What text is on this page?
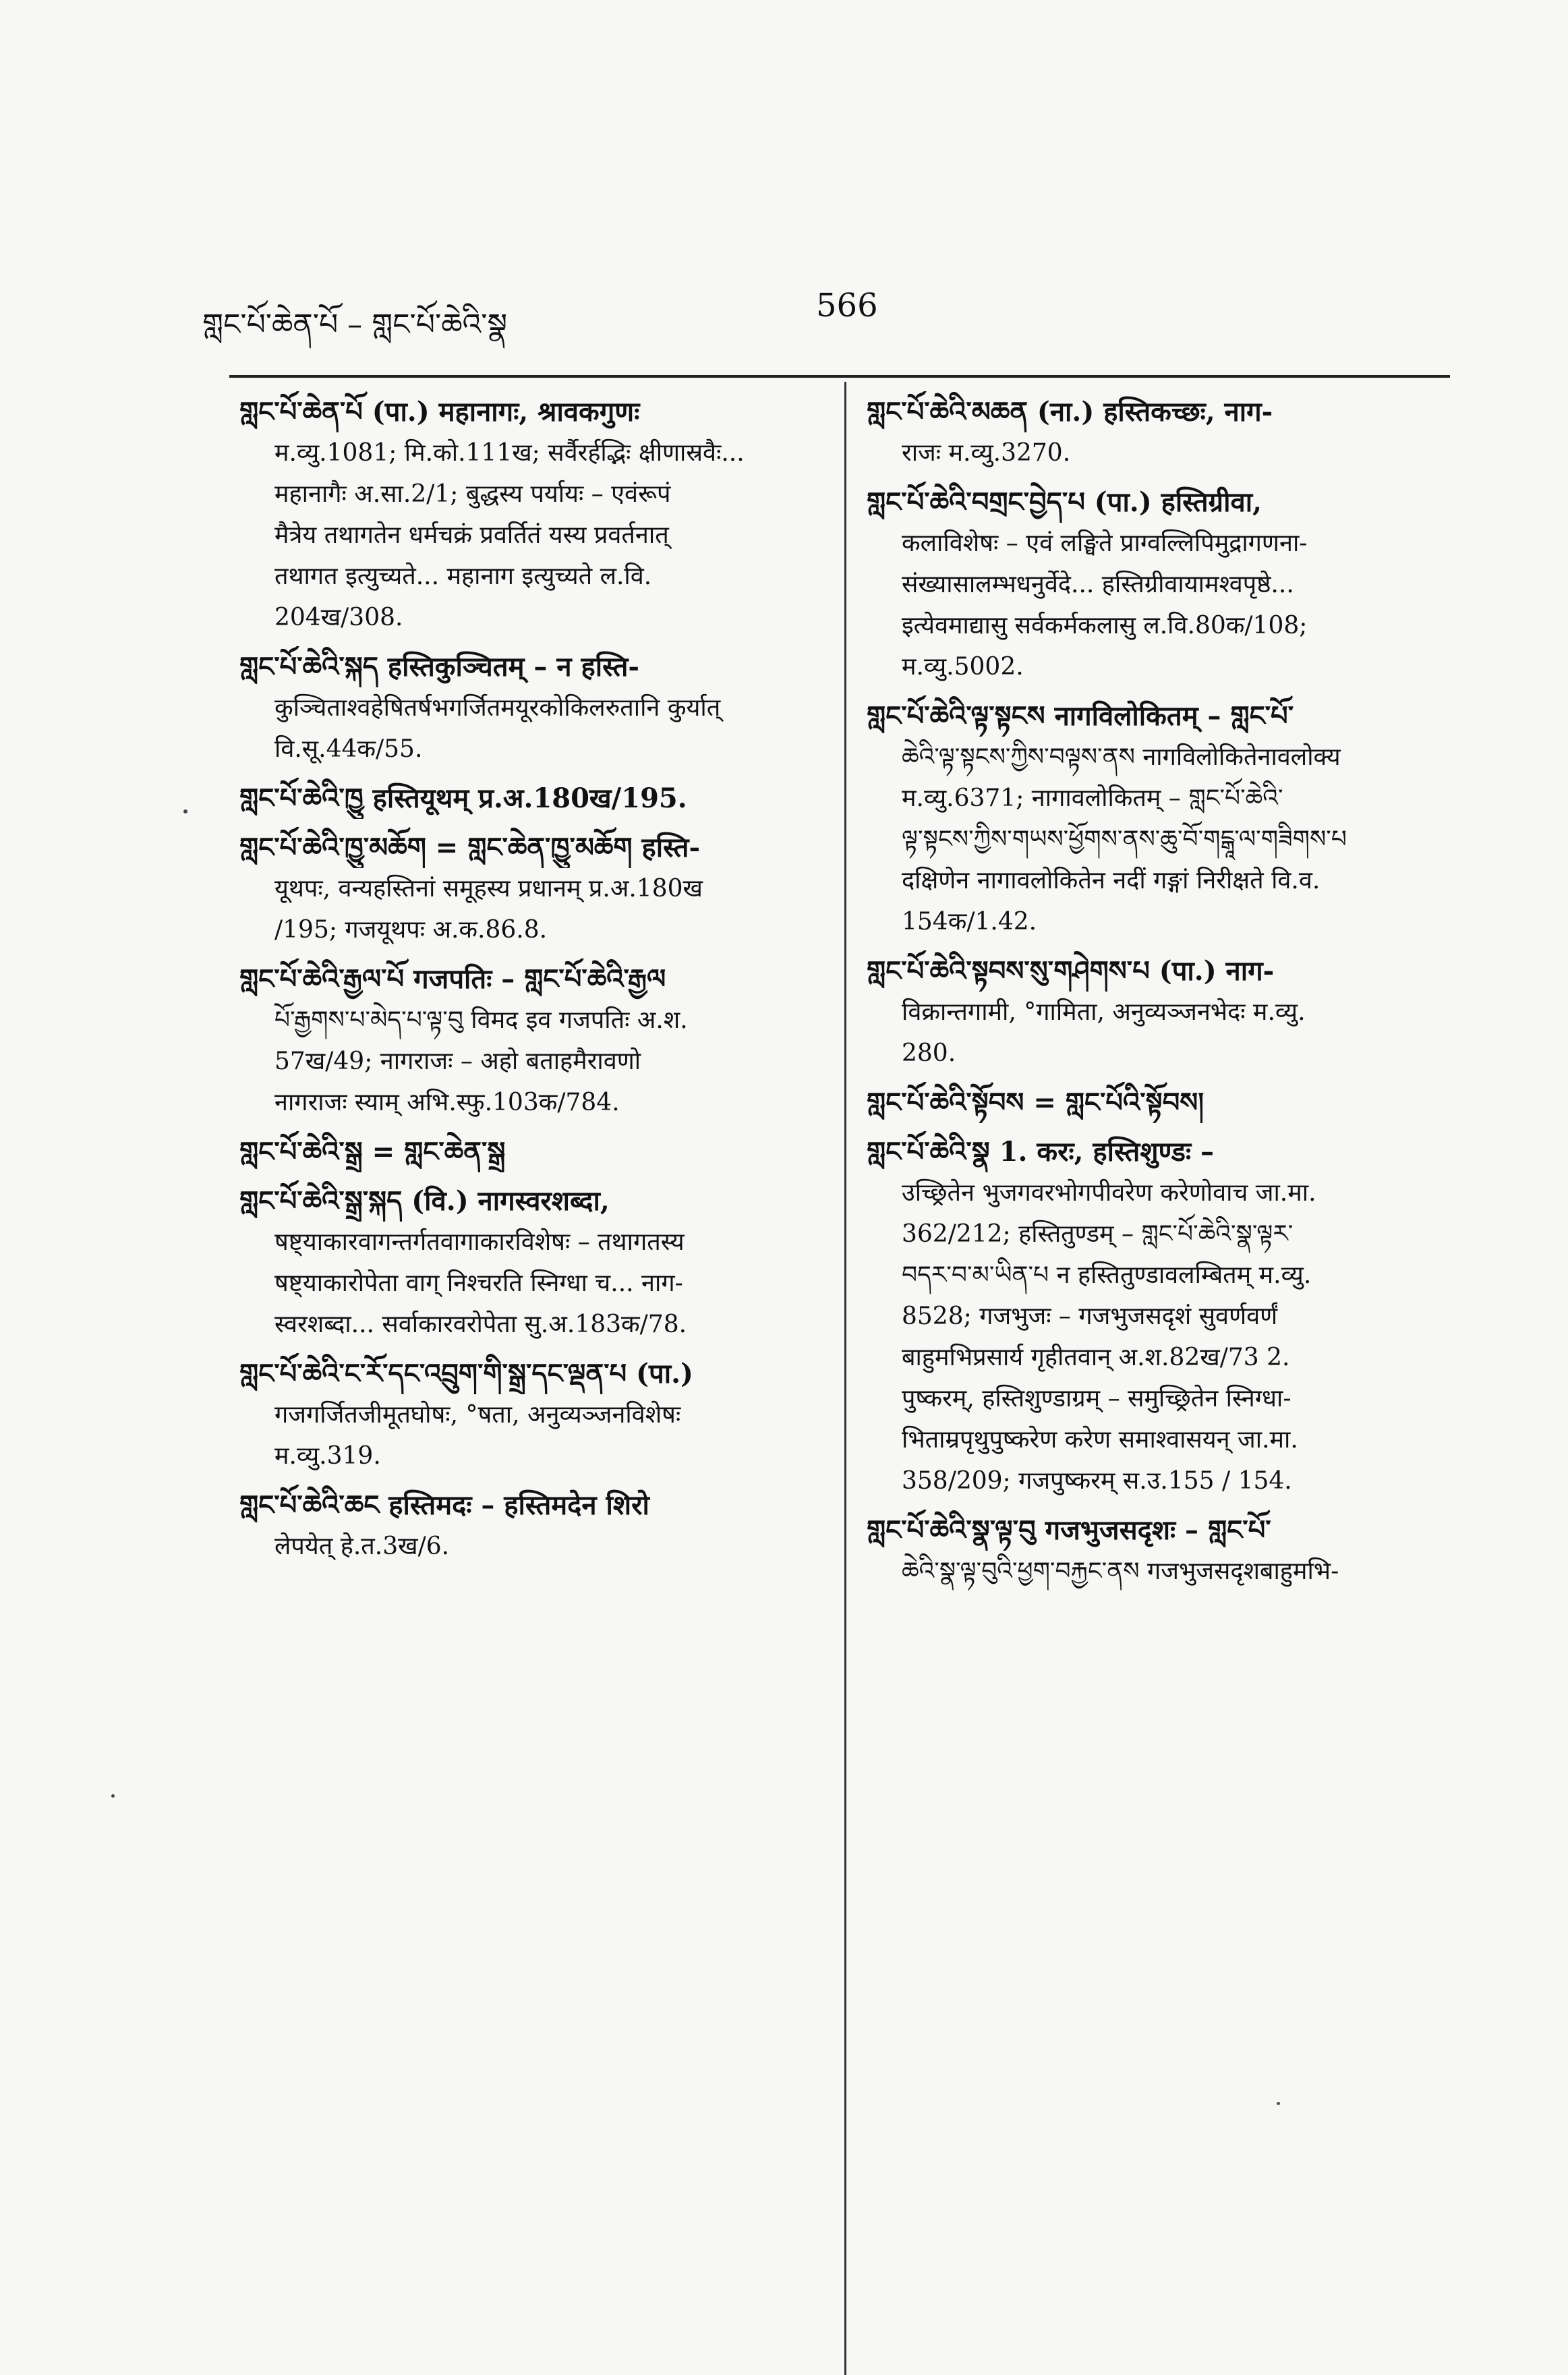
གླང་པོ་ཆེན་པོ – གླང་པོ་ཆེའི་སྣ
566
གླང་པོ་ཆེན་པོ (पा.) महानागः, श्रावकगुणः
म.व्यु.1081; मि.को.111ख; सर्वैरर्हद्भिः क्षीणास्रवैः...
महानागैः अ.सा.2/1; बुद्धस्य पर्यायः – एवंरूपं
मैत्रेय तथागतेन धर्मचक्रं प्रवर्तितं यस्य प्रवर्तनात्
तथागत इत्युच्यते... महानाग इत्युच्यते ल.वि.
204ख/308.
གླང་པོ་ཆེའི་སྐད हस्तिकुञ्चितम् – न हस्ति-
कुञ्चिताश्वहेषितर्षभगर्जितमयूरकोकिलरुतानि कुर्यात्
वि.सू.44क/55.
གླང་པོ་ཆེའི་ཁྱུ हस्तियूथम् प्र.अ.180ख/195.
གླང་པོ་ཆེའི་ཁྱུ་མཆོག = གླང་ཆེན་ཁྱུ་མཆོག हस्ति-
यूथपः, वन्यहस्तिनां समूहस्य प्रधानम् प्र.अ.180ख
/195; गजयूथपः अ.क.86.8.
གླང་པོ་ཆེའི་རྒྱལ་པོ गजपतिः – གླང་པོ་ཆེའི་རྒྱལ
པོ་རྒྱགས་པ་མེད་པ་ལྟ་བུ विमद इव गजपतिः अ.श.
57ख/49; नागराजः – अहो बताहमैरावणो
नागराजः स्याम् अभि.स्फु.103क/784.
གླང་པོ་ཆེའི་སྒྲ = གླང་ཆེན་སྒྲ
གླང་པོ་ཆེའི་སྒྲ་སྐད (वि.) नागस्वरशब्दा,
षष्ट्याकारवागन्तर्गतवागाकारविशेषः – तथागतस्य
षष्ट्याकारोपेता वाग् निश्चरति स्निग्धा च... नाग-
स्वरशब्दा... सर्वाकारवरोपेता सु.अ.183क/78.
གླང་པོ་ཆེའི་ང་རོ་དང་འབྲུག་གི་སྒྲ་དང་ལྡན་པ (पा.)
गजगर्जितजीमूतघोषः, °षता, अनुव्यञ्जनविशेषः
म.व्यु.319.
གླང་པོ་ཆེའི་ཆང हस्तिमदः – हस्तिमदेन शिरो
लेपयेत् हे.त.3ख/6.
གླང་པོ་ཆེའི་མཆན (ना.) हस्तिकच्छः, नाग-
राजः म.व्यु.3270.
གླང་པོ་ཆེའི་བགྲང་བྱེད་པ (पा.) हस्तिग्रीवा,
कलाविशेषः – एवं लङ्घिते प्राग्वल्लिपिमुद्रागणना-
संख्यासालम्भधनुर्वेदे... हस्तिग्रीवायामश्वपृष्ठे...
इत्येवमाद्यासु सर्वकर्मकलासु ल.वि.80क/108;
म.व्यु.5002.
གླང་པོ་ཆེའི་ལྟ་སྟངས नागविलोकितम् – གླང་པོ་
ཆེའི་ལྟ་སྟངས་ཀྱིས་བལྟས་ནས नागविलोकितेनावलोक्य
म.व्यु.6371; नागावलोकितम् – གླང་པོ་ཆེའི་
ལྟ་སྟངས་ཀྱིས་གཡས་ཕྱོགས་ནས་ཆུ་བོ་གངྒཱ་ལ་གཟིགས་པ
दक्षिणेन नागावलोकितेन नदीं गङ्गां निरीक्षते वि.व.
154क/1.42.
གླང་པོ་ཆེའི་སྟབས་སུ་གཤེགས་པ (पा.) नाग-
विक्रान्तगामी, °गामिता, अनुव्यञ्जनभेदः म.व्यु.
280.
གླང་པོ་ཆེའི་སྟོབས = གླང་པོའི་སྟོབས།
གླང་པོ་ཆེའི་སྣ 1. करः, हस्तिशुण्डः –
उच्छ्रितेन भुजगवरभोगपीवरेण करेणोवाच जा.मा.
362/212; हस्तितुण्डम् – གླང་པོ་ཆེའི་སྣ་ལྟར་
བདར་བ་མ་ཡིན་པ न हस्तितुण्डावलम्बितम् म.व्यु.
8528; गजभुजः – गजभुजसदृशं सुवर्णवर्णं
बाहुमभिप्रसार्य गृहीतवान् अ.श.82ख/73 2.
पुष्करम्, हस्तिशुण्डाग्रम् – समुच्छ्रितेन स्निग्धा-
भिताम्रपृथुपुष्करेण करेण समाश्वासयन् जा.मा.
358/209; गजपुष्करम् स.उ.155 / 154.
གླང་པོ་ཆེའི་སྣ་ལྟ་བུ गजभुजसदृशः – གླང་པོ་
ཆེའི་སྣ་ལྟ་བུའི་ཕྱག་བརྐྱང་ནས गजभुजसदृशबाहुमभि-
